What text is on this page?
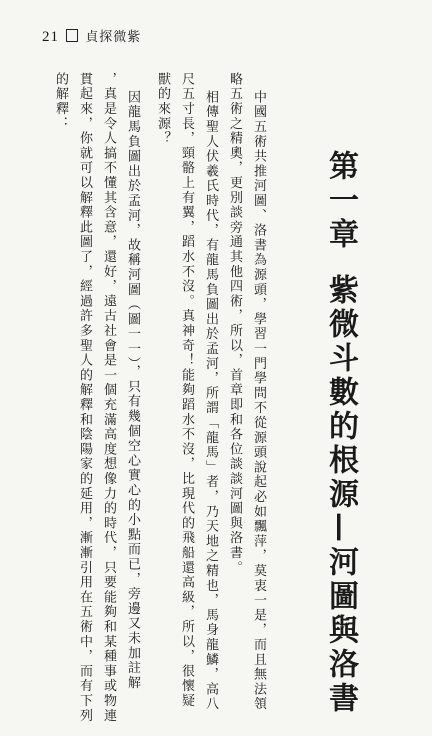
21 貞探微紫
第一章紫微斗數的根源—河圖與洛書
中國五術共推河圖、洛書為源頭，學習一門學問不從源頭說起必如飄萍，莫衷一是，而且無法領
略五術之精奧，更別談旁通其他四術，所以，首章即和各位談談河圖與洛書。
相傳聖人伏羲氏時代，有龍馬負圖出於孟河，所謂「龍馬」者，乃天地之精也，馬身龍鱗，高八
尺五寸長，頸骼上有翼，蹈水不沒。真神奇！能夠蹈水不沒，比現代的飛船還高級，所以，很懷疑
獸的來源？
因龍馬負圖出於孟河，故稱河圖（圖一一），只有幾個空心實心的小點而已，旁邊又未加註解
，真是令人搞不懂其含意，還好，遠古社會是一個充滿高度想像力的時代，只要能夠和某種事或物連
貫起來，你就可以解釋此圖了，經過許多聖人的解釋和陰陽家的延用，漸漸引用在五術中，而有下列
的解釋：
